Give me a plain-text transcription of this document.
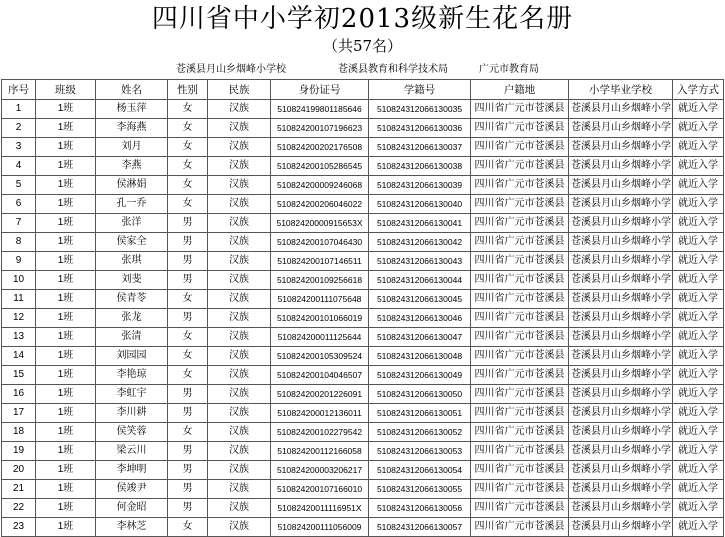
四川省中小学初2013级新生花名册
（共57名）
苍溪县月山乡烟峰小学校	苍溪县教育和科学技术局	广元市教育局
序号	班级	姓名	性别	民族	身份证号	学籍号	户籍地	小学毕业学校	入学方式
1	1班	杨玉萍	女	汉族	510824199801185646	510824312066130035	四川省广元市苍溪县	苍溪县月山乡烟峰小学	就近入学
2	1班	李海燕	女	汉族	510824200107196623	510824312066130036	四川省广元市苍溪县	苍溪县月山乡烟峰小学	就近入学
3	1班	刘月	女	汉族	510824200202176508	510824312066130037	四川省广元市苍溪县	苍溪县月山乡烟峰小学	就近入学
4	1班	李燕	女	汉族	510824200105286545	510824312066130038	四川省广元市苍溪县	苍溪县月山乡烟峰小学	就近入学
5	1班	侯淋娟	女	汉族	510824200009246068	510824312066130039	四川省广元市苍溪县	苍溪县月山乡烟峰小学	就近入学
6	1班	孔一乔	女	汉族	510824200206046022	510824312066130040	四川省广元市苍溪县	苍溪县月山乡烟峰小学	就近入学
7	1班	张洋	男	汉族	51082420000915653X	510824312066130041	四川省广元市苍溪县	苍溪县月山乡烟峰小学	就近入学
8	1班	侯家全	男	汉族	510824200107046430	510824312066130042	四川省广元市苍溪县	苍溪县月山乡烟峰小学	就近入学
9	1班	张琪	男	汉族	510824200107146511	510824312066130043	四川省广元市苍溪县	苍溪县月山乡烟峰小学	就近入学
10	1班	刘斐	男	汉族	510824200109256618	510824312066130044	四川省广元市苍溪县	苍溪县月山乡烟峰小学	就近入学
11	1班	侯青苓	女	汉族	510824200111075648	510824312066130045	四川省广元市苍溪县	苍溪县月山乡烟峰小学	就近入学
12	1班	张龙	男	汉族	510824200101066019	510824312066130046	四川省广元市苍溪县	苍溪县月山乡烟峰小学	就近入学
13	1班	张清	女	汉族	510824200011125644	510824312066130047	四川省广元市苍溪县	苍溪县月山乡烟峰小学	就近入学
14	1班	刘园园	女	汉族	510824200105309524	510824312066130048	四川省广元市苍溪县	苍溪县月山乡烟峰小学	就近入学
15	1班	李艳琼	女	汉族	510824200104046507	510824312066130049	四川省广元市苍溪县	苍溪县月山乡烟峰小学	就近入学
16	1班	李虹宇	男	汉族	510824200201226091	510824312066130050	四川省广元市苍溪县	苍溪县月山乡烟峰小学	就近入学
17	1班	李川耕	男	汉族	510824200012136011	510824312066130051	四川省广元市苍溪县	苍溪县月山乡烟峰小学	就近入学
18	1班	侯笑蓉	女	汉族	510824200102279542	510824312066130052	四川省广元市苍溪县	苍溪县月山乡烟峰小学	就近入学
19	1班	梁云川	男	汉族	510824200112166058	510824312066130053	四川省广元市苍溪县	苍溪县月山乡烟峰小学	就近入学
20	1班	李坤明	男	汉族	510824200003206217	510824312066130054	四川省广元市苍溪县	苍溪县月山乡烟峰小学	就近入学
21	1班	侯竣尹	男	汉族	510824200107166010	510824312066130055	四川省广元市苍溪县	苍溪县月山乡烟峰小学	就近入学
22	1班	何金昭	男	汉族	51082420011116951X	510824312066130056	四川省广元市苍溪县	苍溪县月山乡烟峰小学	就近入学
23	1班	李林芝	女	汉族	510824200111056009	510824312066130057	四川省广元市苍溪县	苍溪县月山乡烟峰小学	就近入学
